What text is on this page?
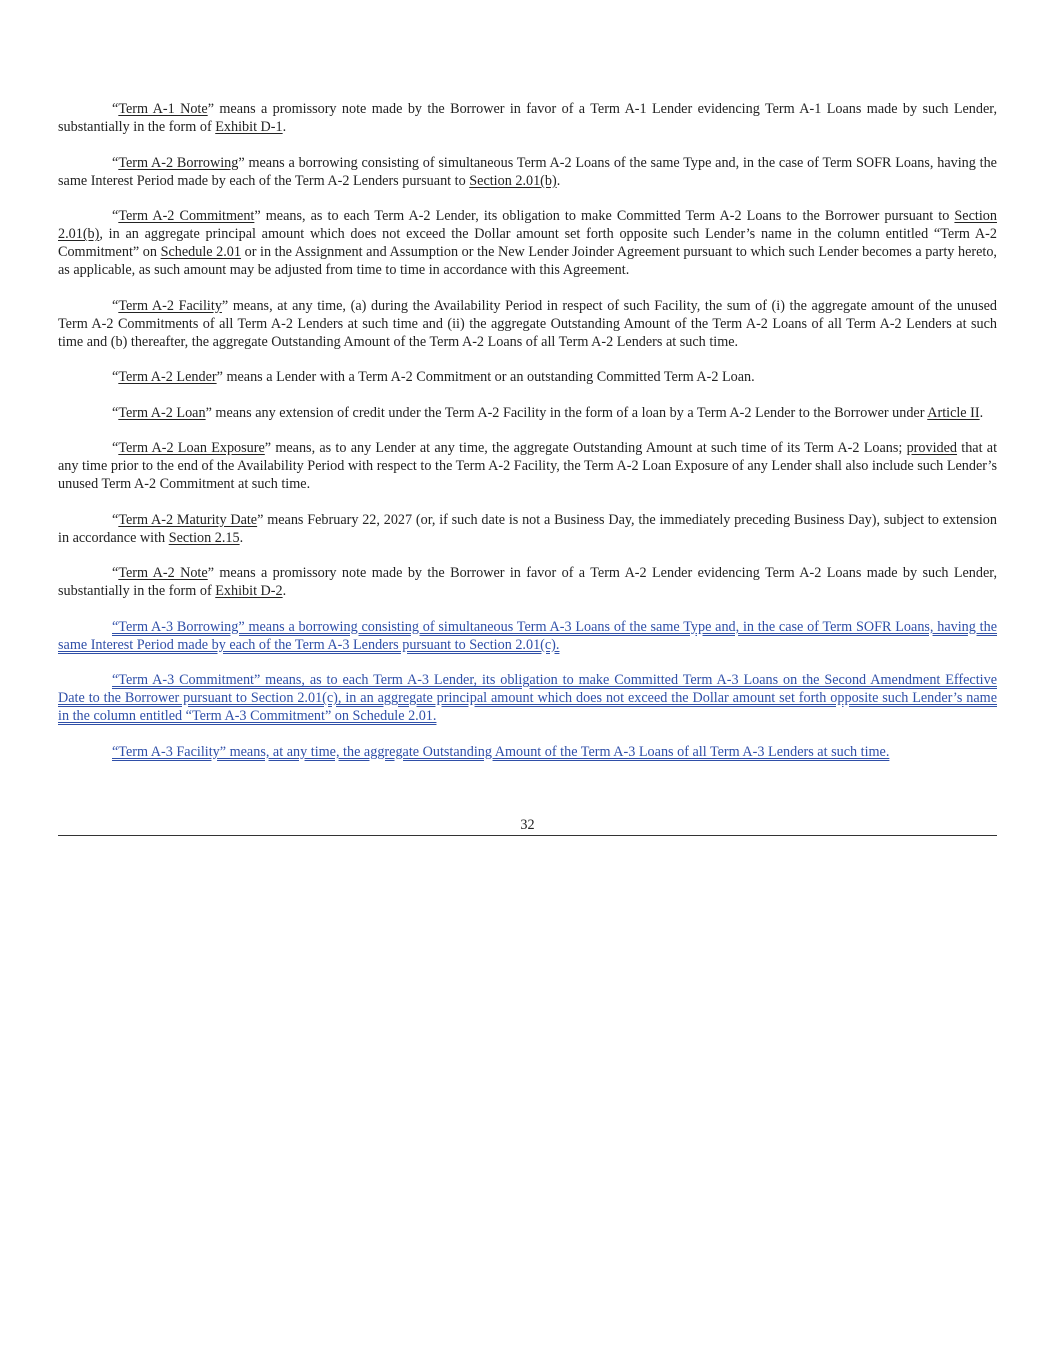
“Term A-1 Note” means a promissory note made by the Borrower in favor of a Term A-1 Lender evidencing Term A-1 Loans made by such Lender, substantially in the form of Exhibit D-1.

“Term A-2 Borrowing” means a borrowing consisting of simultaneous Term A-2 Loans of the same Type and, in the case of Term SOFR Loans, having the same Interest Period made by each of the Term A-2 Lenders pursuant to Section 2.01(b).

“Term A-2 Commitment” means, as to each Term A-2 Lender, its obligation to make Committed Term A-2 Loans to the Borrower pursuant to Section 2.01(b), in an aggregate principal amount which does not exceed the Dollar amount set forth opposite such Lender’s name in the column entitled “Term A-2 Commitment” on Schedule 2.01 or in the Assignment and Assumption or the New Lender Joinder Agreement pursuant to which such Lender becomes a party hereto, as applicable, as such amount may be adjusted from time to time in accordance with this Agreement.

“Term A-2 Facility” means, at any time, (a) during the Availability Period in respect of such Facility, the sum of (i) the aggregate amount of the unused Term A-2 Commitments of all Term A-2 Lenders at such time and (ii) the aggregate Outstanding Amount of the Term A-2 Loans of all Term A-2 Lenders at such time and (b) thereafter, the aggregate Outstanding Amount of the Term A-2 Loans of all Term A-2 Lenders at such time.

“Term A-2 Lender” means a Lender with a Term A-2 Commitment or an outstanding Committed Term A-2 Loan.

“Term A-2 Loan” means any extension of credit under the Term A-2 Facility in the form of a loan by a Term A-2 Lender to the Borrower under Article II.

“Term A-2 Loan Exposure” means, as to any Lender at any time, the aggregate Outstanding Amount at such time of its Term A-2 Loans; provided that at any time prior to the end of the Availability Period with respect to the Term A-2 Facility, the Term A-2 Loan Exposure of any Lender shall also include such Lender’s unused Term A-2 Commitment at such time.

“Term A-2 Maturity Date” means February 22, 2027 (or, if such date is not a Business Day, the immediately preceding Business Day), subject to extension in accordance with Section 2.15.

“Term A-2 Note” means a promissory note made by the Borrower in favor of a Term A-2 Lender evidencing Term A-2 Loans made by such Lender, substantially in the form of Exhibit D-2.

“Term A-3 Borrowing” means a borrowing consisting of simultaneous Term A-3 Loans of the same Type and, in the case of Term SOFR Loans, having the same Interest Period made by each of the Term A-3 Lenders pursuant to Section 2.01(c).

“Term A-3 Commitment” means, as to each Term A-3 Lender, its obligation to make Committed Term A-3 Loans on the Second Amendment Effective Date to the Borrower pursuant to Section 2.01(c), in an aggregate principal amount which does not exceed the Dollar amount set forth opposite such Lender’s name in the column entitled “Term A-3 Commitment” on Schedule 2.01.

“Term A-3 Facility” means, at any time, the aggregate Outstanding Amount of the Term A-3 Loans of all Term A-3 Lenders at such time.

32
